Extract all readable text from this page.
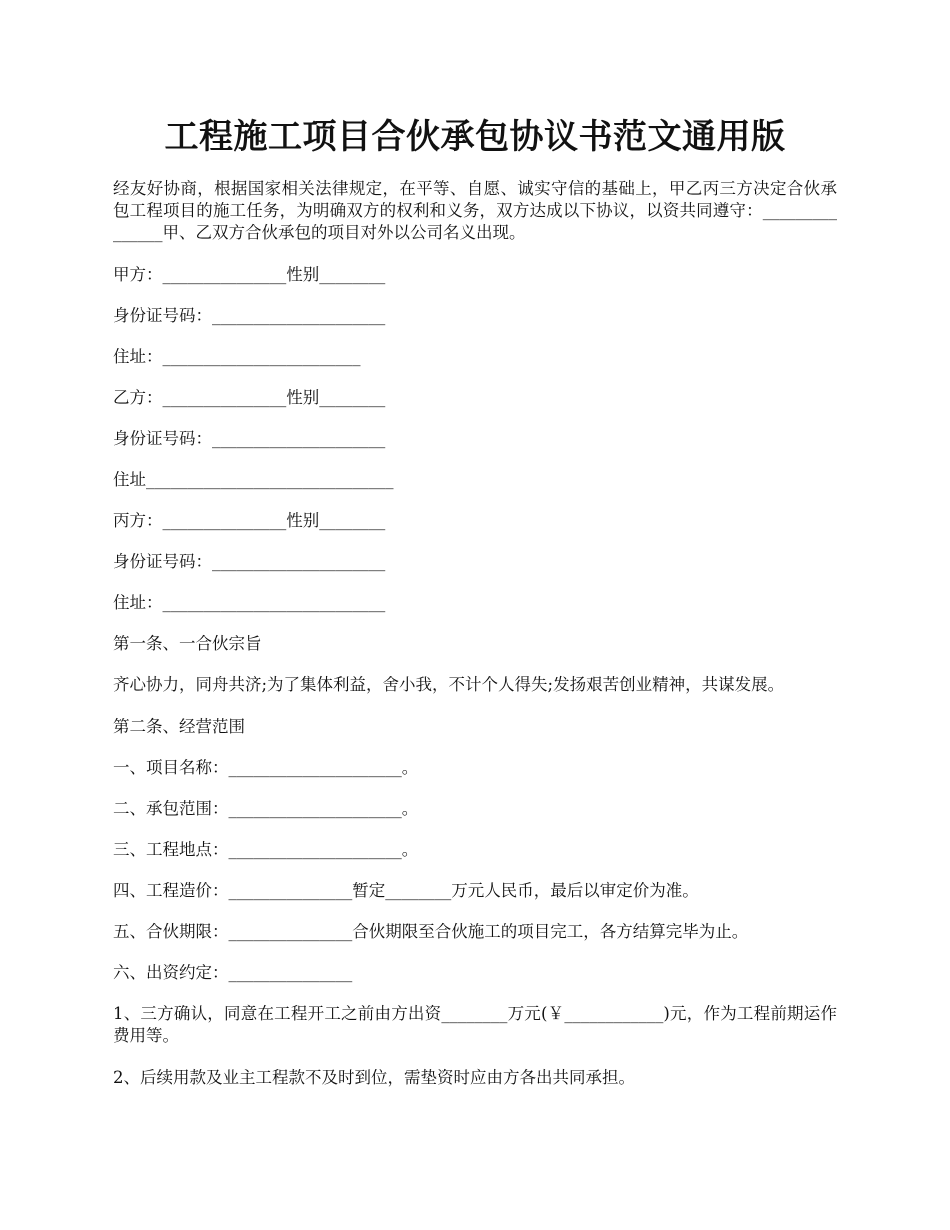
工程施工项目合伙承包协议书范文通用版

经友好协商，根据国家相关法律规定，在平等、自愿、诚实守信的基础上，甲乙丙三方决定合伙承包工程项目的施工任务，为明确双方的权利和义务，双方达成以下协议，以资共同遵守：_______________甲、乙双方合伙承包的项目对外以公司名义出现。

甲方：_______________性别________

身份证号码：_____________________

住址：________________________

乙方：_______________性别________

身份证号码：_____________________

住址______________________________

丙方：_______________性别________

身份证号码：_____________________

住址：___________________________

第一条、一合伙宗旨

齐心协力，同舟共济;为了集体利益，舍小我，不计个人得失;发扬艰苦创业精神，共谋发展。

第二条、经营范围

一、项目名称：_____________________。

二、承包范围：_____________________。

三、工程地点：_____________________。

四、工程造价：_______________暂定________万元人民币，最后以审定价为准。

五、合伙期限：_______________合伙期限至合伙施工的项目完工，各方结算完毕为止。

六、出资约定：_______________

1、三方确认，同意在工程开工之前由方出资________万元(￥____________)元，作为工程前期运作费用等。

2、后续用款及业主工程款不及时到位，需垫资时应由方各出共同承担。
